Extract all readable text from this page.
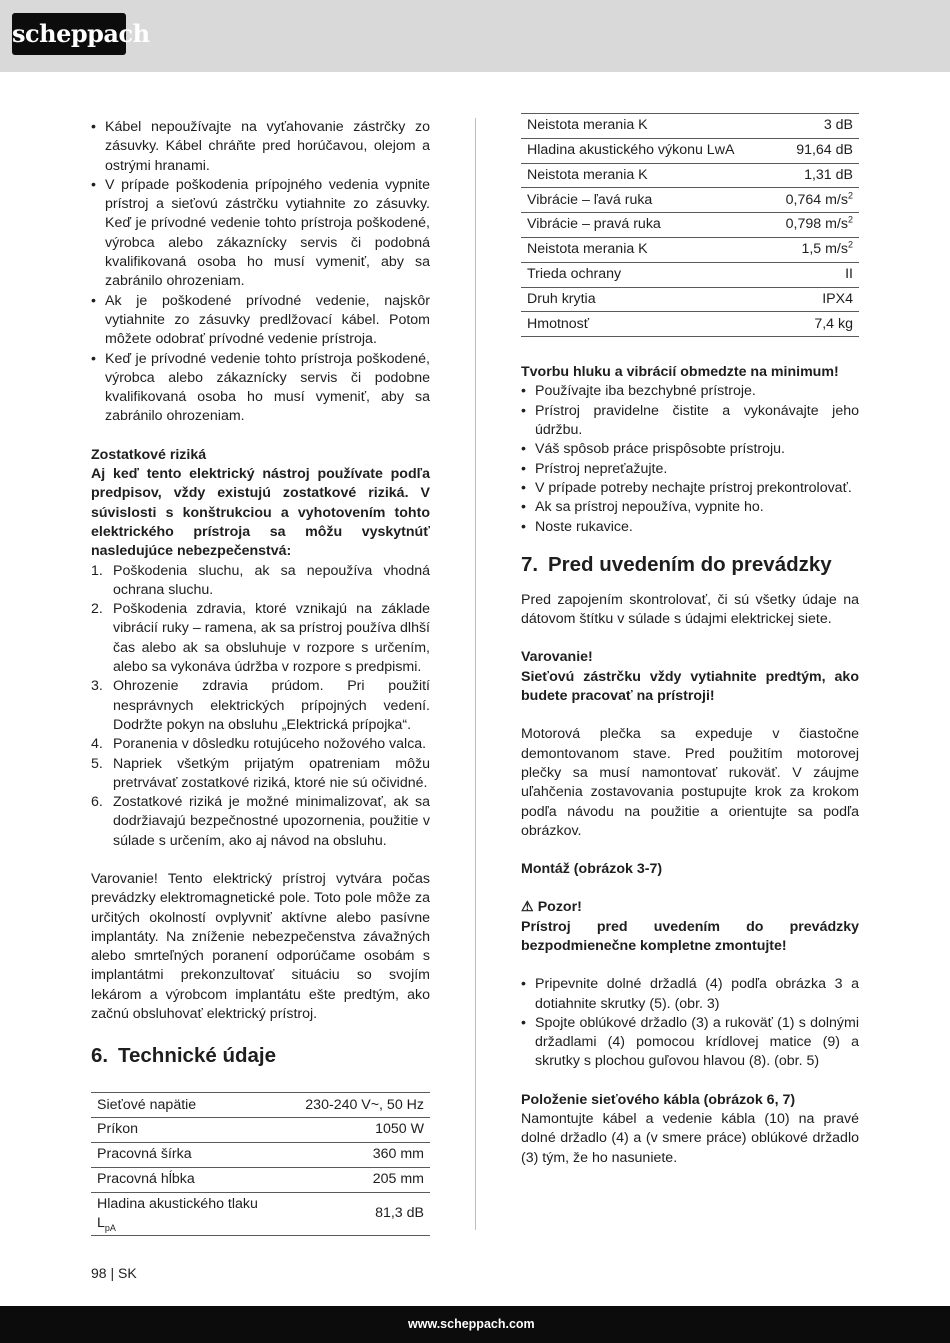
scheppach
• Kábel nepoužívajte na vyťahovanie zástrčky zo zásuvky. Kábel chráňte pred horúčavou, olejom a ostrými hranami.
• V prípade poškodenia prípojného vedenia vypnite prístroj a sieťovú zástrčku vytiahnite zo zásuvky. Keď je prívodné vedenie tohto prístroja poškodené, výrobca alebo zákaznícky servis či podobná kvalifikovaná osoba ho musí vymeniť, aby sa zabránilo ohrozeniam.
• Ak je poškodené prívodné vedenie, najskôr vytiahnite zo zásuvky predlžovací kábel. Potom môžete odobrať prívodné vedenie prístroja.
• Keď je prívodné vedenie tohto prístroja poškodené, výrobca alebo zákaznícky servis či podobne kvalifikovaná osoba ho musí vymeniť, aby sa zabránilo ohrozeniam.

Zostatkové riziká

Aj keď tento elektrický nástroj používate podľa predpisov, vždy existujú zostatkové riziká. V súvislosti s konštrukciou a vyhotovením tohto elektrického prístroja sa môžu vyskytnúť nasledujúce nebezpečenstvá:

1. Poškodenia sluchu, ak sa nepoužíva vhodná ochrana sluchu.
2. Poškodenia zdravia, ktoré vznikajú na základe vibrácií ruky – ramena, ak sa prístroj používa dlhší čas alebo ak sa obsluhuje v rozpore s určením, alebo sa vykonáva údržba v rozpore s predpismi.
3. Ohrozenie zdravia prúdom. Pri použití nesprávnych elektrických prípojných vedení. Dodržte pokyn na obsluhu „Elektrická prípojka“.
4. Poranenia v dôsledku rotujúceho nožového valca.
5. Napriek všetkým prijatým opatreniam môžu pretrvávať zostatkové riziká, ktoré nie sú očividné.
6. Zostatkové riziká je možné minimalizovať, ak sa dodržiavajú bezpečnostné upozornenia, použitie v súlade s určením, ako aj návod na obsluhu.

Varovanie! Tento elektrický prístroj vytvára počas prevádzky elektromagnetické pole. Toto pole môže za určitých okolností ovplyvniť aktívne alebo pasívne implantáty. Na zníženie nebezpečenstva závažných alebo smrteľných poranení odporúčame osobám s implantátmi prekonzultovať situáciu so svojím lekárom a výrobcom implantátu ešte predtým, ako začnú obsluhovať elektrický prístroj.

6. Technické údaje
Sieťové napätie	230-240 V~, 50 Hz
Príkon	1050 W
Pracovná šírka	360 mm
Pracovná hĺbka	205 mm
Hladina akustického tlaku
$L_{pA}$	81,3 dB
Neistota merania K	3 dB
Hladina akustického výkonu LwA	91,64 dB
Neistota merania K	1,31 dB
Vibrácie – ľavá ruka	0,764 $m/s^2$
Vibrácie – pravá ruka	0,798 $m/s^2$
Neistota merania K	1,5 $m/s^2$
Trieda ochrany	II
Druh krytia	IPX4
Hmotnosť	7,4 kg

Tvorbu hluku a vibrácií obmedzte na minimum!

• Používajte iba bezchybné prístroje.
• Prístroj pravidelne čistite a vykonávajte jeho údržbu.
• Váš spôsob práce prispôsobte prístroju.
• Prístroj nepreťažujte.
• V prípade potreby nechajte prístroj prekontrolovať.
• Ak sa prístroj nepoužíva, vypnite ho.
• Noste rukavice.
7. Pred uvedením do prevádzky

Pred zapojením skontrolovať, či sú všetky údaje na dátovom štítku v súlade s údajmi elektrickej siete.

Varovanie!

Sieťovú zástrčku vždy vytiahnite predtým, ako budete pracovať na prístroji!

Motorová plečka sa expeduje v čiastočne demontovanom stave. Pred použitím motorovej plečky sa musí namontovať rukoväť. V záujme uľahčenia zostavovania postupujte krok za krokom podľa návodu na použitie a orientujte sa podľa obrázkov.

Montáž (obrázok 3-7)

⚠ Pozor!

Prístroj pred uvedením do prevádzky bezpodmienečne kompletne zmontujte!

• Pripevnite dolné držadlá (4) podľa obrázka 3 a dotiahnite skrutky (5). (obr. 3)
• Spojte oblúkové držadlo (3) a rukoväť (1) s dolnými držadlami (4) pomocou krídlovej matice (9) a skrutky s plochou guľovou hlavou (8). (obr. 5)

Položenie sieťového kábla (obrázok 6, 7)

Namontujte kábel a vedenie kábla (10) na pravé dolné držadlo (4) a (v smere práce) oblúkové držadlo (3) tým, že ho nasuniete.

98 | SK
www.scheppach.com
